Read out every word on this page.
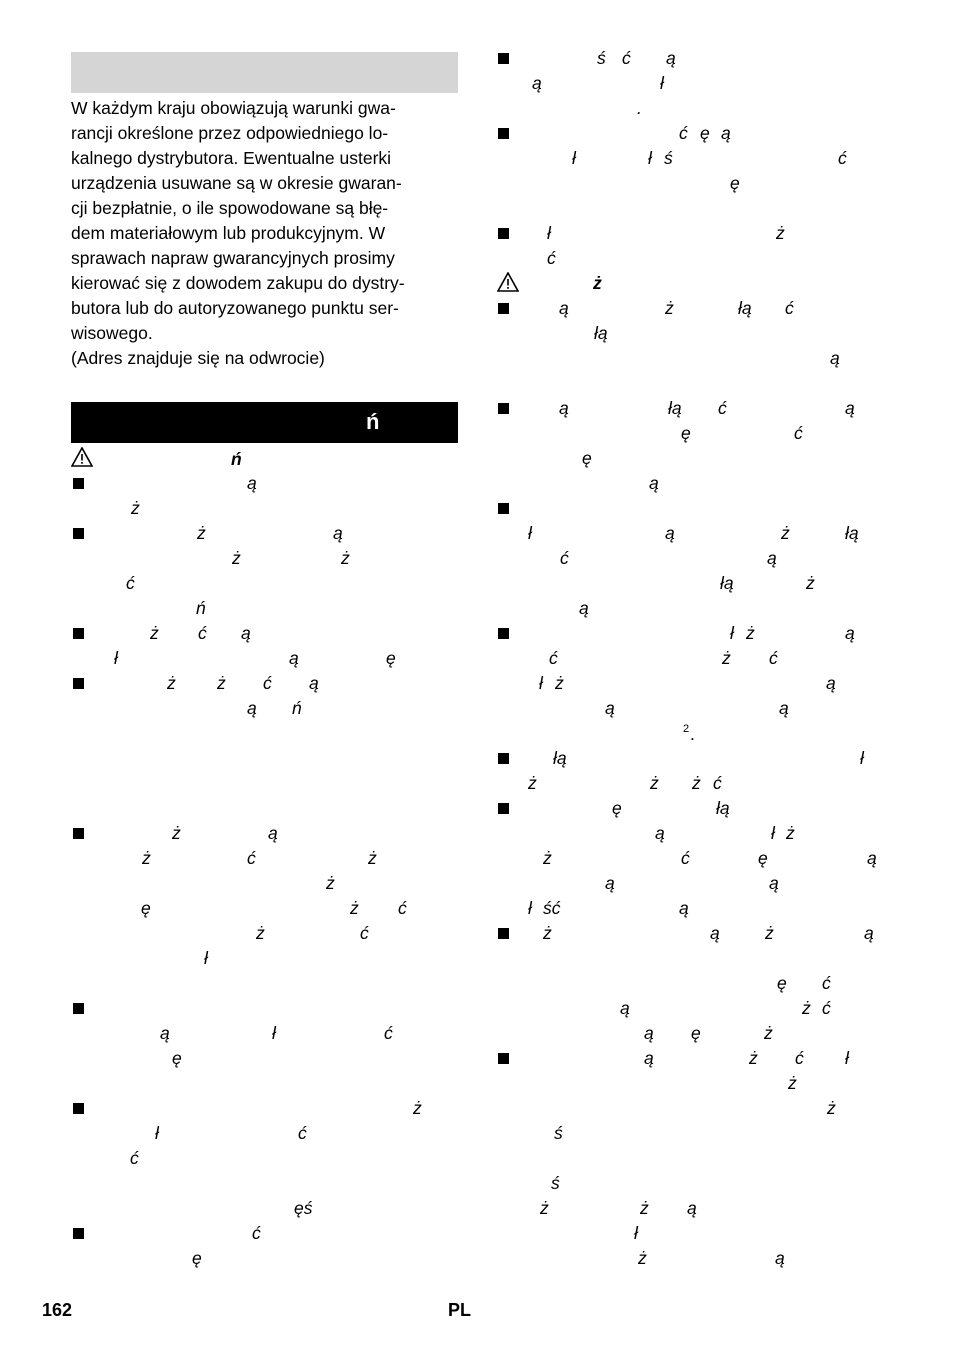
W każdym kraju obowiązują warunki gwa-
rancji określone przez odpowiedniego lo-
kalnego dystrybutora. Ewentualne usterki
urządzenia usuwane są w okresie gwaran-
cji bezpłatnie, o ile spowodowane są błę-
dem materiałowym lub produkcyjnym. W
sprawach napraw gwarancyjnych prosimy
kierować się z dowodem zakupu do dystry-
butora lub do autoryzowanego punktu ser-
wisowego.
(Adres znajduje się na odwrocie)
ń
ń
ą
ż
ż	ą
ż	ż
ć
ń
ż ć ą
ł	ą	ę
ż ż ć ą
ą ń
ż	ą
ż	ć	ż
ż
ę	ż ć
ż	ć
ł
ą	ł	ć
ę
ż
ł	ć
ć
ęś
ć
ę
ś ć ą
ą	ł
.
ć ę ą
ł	ł ś	ć
ę
ł	ż
ć
ż
ą	ż	łą ć
łą
ą
ą	łą ć	ą
ę	ć
ę
ą
ł	ą	ż	łą
ć	ą
łą	ż
ą
ł ż	ą
ć	ż ć
ł ż	ą
ą	ą
2 .
łą	ł
ż	ż ż ć
ę	łą
ą	ł ż
ż	ć	ę	ą
ą	ą
ł ść	ą
ż	ą	ż	ą
ę ć
ą	ż ć
ą ę	ż
ą	ż ć ł
ż
ż
ś
ś
ż	ż ą
ł
ż	ą
162	PL
